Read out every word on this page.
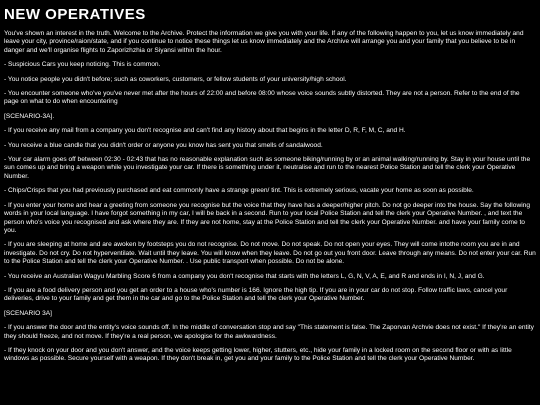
NEW OPERATIVES

You've shown an interest in the truth. Welcome to the Archive. Protect the information we give you with your life. If any of the following happen to you, let us know immediately and leave your city, province/raion/state, and if you continue to notice these things let us know immediately and the Archive will arrange you and your family that you believe to be in danger and we'll organise flights to Zaporizhzhia or Siyansi within the hour.

- Suspicious Cars you keep noticing. This is common.

- You notice people you didn't before; such as coworkers, customers, or fellow students of your university/high school.

- You encounter someone who've you've never met after the hours of 22:00 and before 08:00 whose voice sounds subtly distorted. They are not a person. Refer to the end of the page on what to do when encountering

[SCENARIO-3A].

- If you receive any mail from a company you don't recognise and can't find any history about that begins in the letter D, R, F, M, C, and H.

- You receive a blue candle that you didn't order or anyone you know has sent you that smells of sandalwood.

- Your car alarm goes off between 02:30 - 02:43 that has no reasonable explanation such as someone biking/running by or an animal walking/running by. Stay in your house until the sun comes up and bring a weapon while you investigate your car. If there is something under it, neutralise and run to the nearest Police Station and tell the clerk your Operative Number.

- Chips/Crisps that you had previously purchased and eat commonly have a strange green/ tint. This is extremely serious, vacate your home as soon as possible.

- If you enter your home and hear a greeting from someone you recognise but the voice that they have has a deeper/higher pitch. Do not go deeper into the house. Say the following words in your local language. I have forgot something in my car, I will be back in a second. Run to your local Police Station and tell the clerk your Operative Number. , and text the person who's voice you recognised and ask where they are. If they are not home, stay at the Police Station and tell the clerk your Operative Number. and have your family come to you.

- If you are sleeping at home and are awoken by footsteps you do not recognise. Do not move. Do not speak. Do not open your eyes. They will come intothe room you are in and investigate. Do not cry. Do not hyperventilate. Wait until they leave. You will know when they leave. Do not go out you front door. Leave through any means. Do not enter your car. Run to the Police Station and tell the clerk your Operative Number. . Use public transport when possible. Do not be alone.

- You receive an Australian Wagyu Marbling Score 6 from a company you don't recognise that starts with the letters L, G, N, V, A, E, and R and ends in I, N, J, and G.

- If you are a food delivery person and you get an order to a house who's number is 166. Ignore the high tip. If you are in your car do not stop. Follow traffic laws, cancel your deliveries, drive to your family and get them in the car and go to the Police Station and tell the clerk your Operative Number.

[SCENARIO 3A]

- If you answer the door and the entity's voice sounds off. In the middle of conversation stop and say "This statement is false. The Zaporvan Archvie does not exist." If they're an entity they should freeze, and not move. If they're a real person, we apologise for the awkwardness.

- If they knock on your door and you don't answer, and the voice keeps getting lower, higher, stutters, etc., hide your family in a locked room on the second floor or with as little windows as possible. Secure yourself with a weapon. If they don't break in, get you and your family to the Police Station and tell the clerk your Operative Number.
